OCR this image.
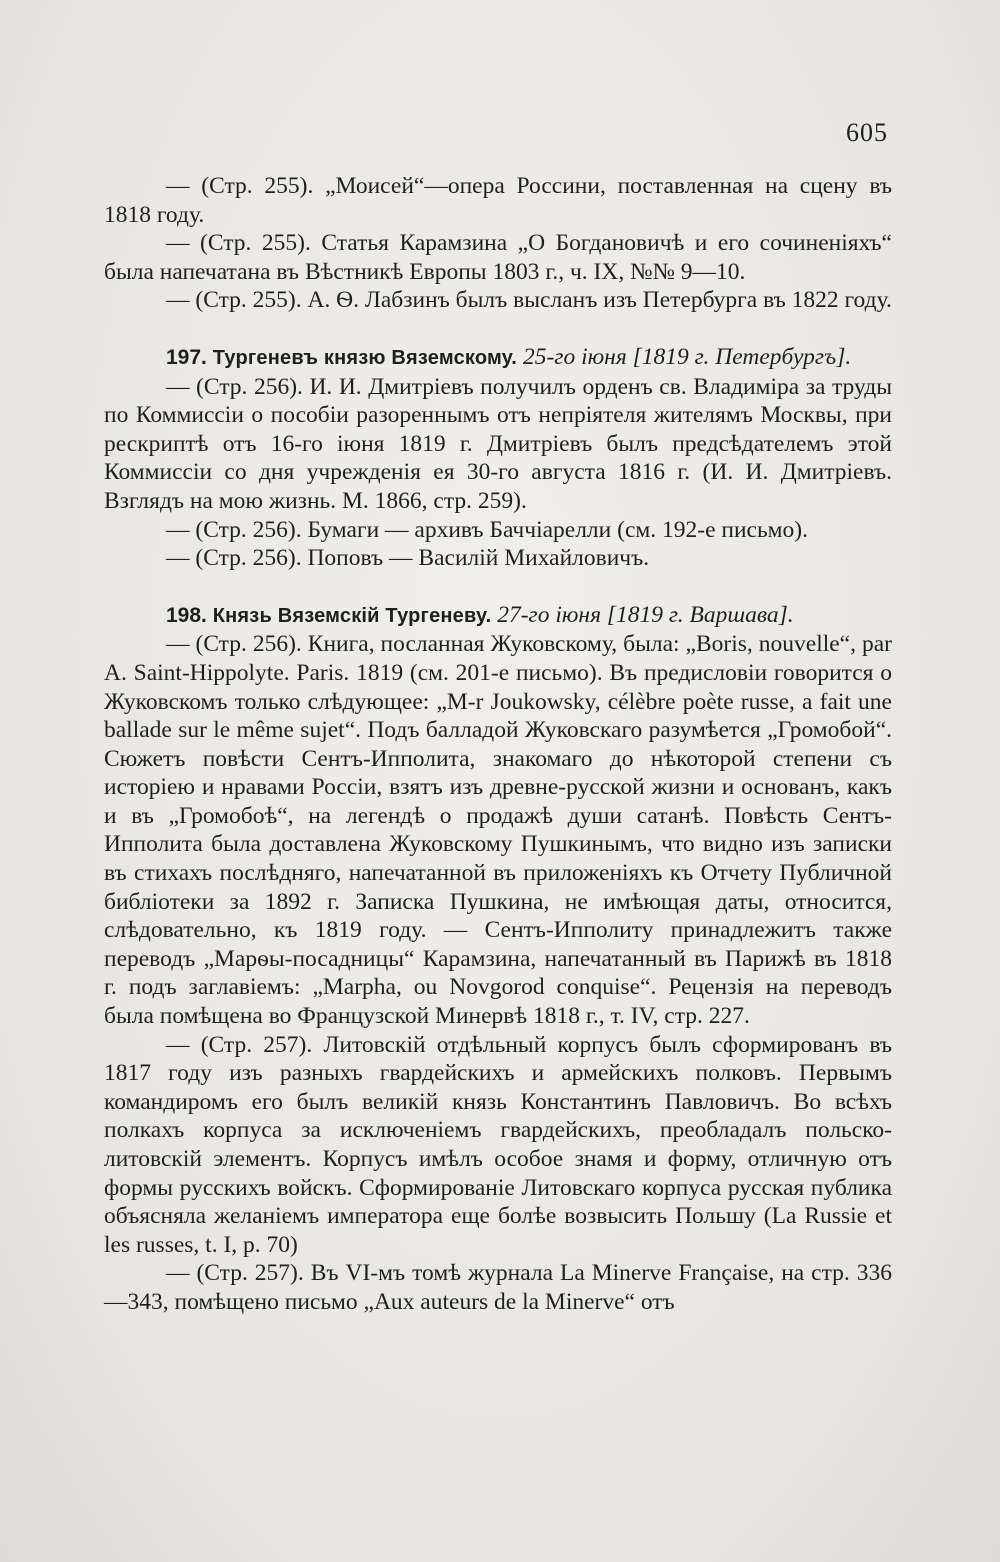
605

— (Стр. 255). „Моисей“—опера Россини, поставленная на сцену въ 1818 году.

— (Стр. 255). Статья Карамзина „О Богдановичѣ и его сочиненіяхъ“ была напечатана въ Вѣстникѣ Европы 1803 г., ч. IX, №№ 9—10.

— (Стр. 255). А. Ѳ. Лабзинъ былъ высланъ изъ Петербурга въ 1822 году.

197. Тургеневъ князю Вяземскому. 25-го іюня [1819 г. Петербургъ].

— (Стр. 256). И. И. Дмитріевъ получилъ орденъ св. Владиміра за труды по Коммиссіи о пособіи разореннымъ отъ непріятеля жителямъ Москвы, при рескриптѣ отъ 16-го іюня 1819 г. Дмитріевъ былъ предсѣдателемъ этой Коммиссіи со дня учрежденія ея 30-го августа 1816 г. (И. И. Дмитріевъ. Взглядъ на мою жизнь. М. 1866, стр. 259).

— (Стр. 256). Бумаги — архивъ Баччіарелли (см. 192-е письмо).

— (Стр. 256). Поповъ — Василій Михайловичъ.

198. Князь Вяземскій Тургеневу. 27-го іюня [1819 г. Варшава].

— (Стр. 256). Книга, посланная Жуковскому, была: „Boris, nouvelle“, par A. Saint-Hippolyte. Paris. 1819 (см. 201-е письмо). Въ предисловіи говорится о Жуковскомъ только слѣдующее: „M-r Joukowsky, célèbre poète russe, a fait une ballade sur le même sujet“. Подъ балладой Жуковскаго разумѣется „Громобой“. Сюжетъ повѣсти Сентъ-Ипполита, знакомаго до нѣкоторой степени съ исторіею и нравами Россіи, взятъ изъ древне-русской жизни и основанъ, какъ и въ „Громобоѣ“, на легендѣ о продажѣ души сатанѣ. Повѣсть Сентъ-Ипполита была доставлена Жуковскому Пушкинымъ, что видно изъ записки въ стихахъ послѣдняго, напечатанной въ приложеніяхъ къ Отчету Публичной библіотеки за 1892 г. Записка Пушкина, не имѣющая даты, относится, слѣдовательно, къ 1819 году. — Сентъ-Ипполиту принадлежитъ также переводъ „Марѳы-посадницы“ Карамзина, напечатанный въ Парижѣ въ 1818 г. подъ заглавіемъ: „Marpha, ou Novgorod conquise“. Рецензія на переводъ была помѣщена во Французской Минервѣ 1818 г., т. IV, стр. 227.

— (Стр. 257). Литовскій отдѣльный корпусъ былъ сформированъ въ 1817 году изъ разныхъ гвардейскихъ и армейскихъ полковъ. Первымъ командиромъ его былъ великій князь Константинъ Павловичъ. Во всѣхъ полкахъ корпуса за исключеніемъ гвардейскихъ, преобладалъ польско-литовскій элементъ. Корпусъ имѣлъ особое знамя и форму, отличную отъ формы русскихъ войскъ. Сформированіе Литовскаго корпуса русская публика объясняла желаніемъ императора еще болѣе возвысить Польшу (La Russie et les russes, t. I, p. 70)

— (Стр. 257). Въ VI-мъ томѣ журнала La Minerve Française, на стр. 336—343, помѣщено письмо „Aux auteurs de la Minerve“ отъ
